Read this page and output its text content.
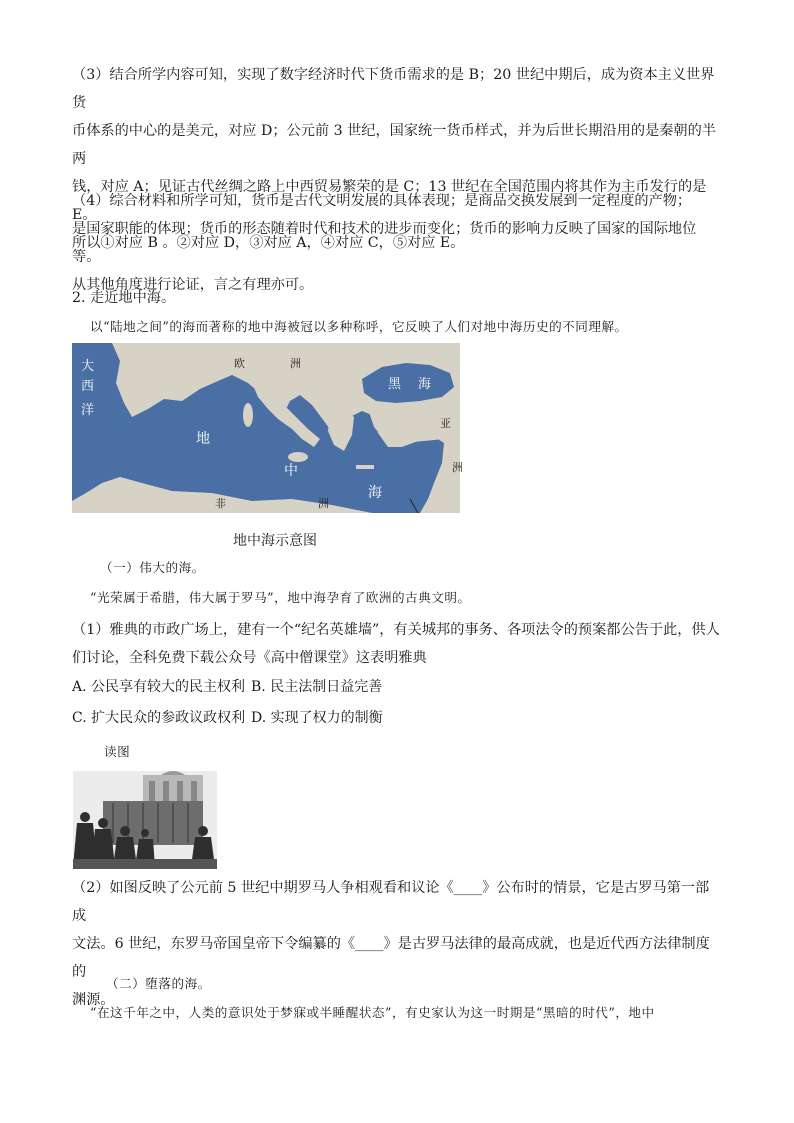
（3）结合所学内容可知，实现了数字经济时代下货币需求的是 B；20 世纪中期后，成为资本主义世界货
币体系的中心的是美元，对应 D；公元前 3 世纪，国家统一货币样式，并为后世长期沿用的是秦朝的半两
钱，对应 A；见证古代丝绸之路上中西贸易繁荣的是 C；13 世纪在全国范围内将其作为主币发行的是 E。
所以①对应 B 。②对应 D，③对应 A，④对应 C，⑤对应 E。
（4）综合材料和所学可知，货币是古代文明发展的具体表现；是商品交换发展到一定程度的产物；
是国家职能的体现；货币的形态随着时代和技术的进步而变化；货币的影响力反映了国家的国际地位等。
从其他角度进行论证，言之有理亦可。
2. 走近地中海。
以“陆地之间”的海而著称的地中海被冠以多种称呼，它反映了人们对地中海历史的不同理解。
大
西
洋
欧	洲
黑 海
亚
洲
地
中
海
非	洲
地中海示意图
（一）伟大的海。
“光荣属于希腊，伟大属于罗马”，地中海孕育了欧洲的古典文明。
（1）雅典的市政广场上，建有一个“纪名英雄墙”，有关城邦的事务、各项法令的预案都公告于此，供人
们讨论，全科免费下载公众号《高中僧课堂》这表明雅典
A. 公民享有较大的民主权利 B. 民主法制日益完善
C. 扩大民众的参政议政权利 D. 实现了权力的制衡
读图
（2）如图反映了公元前 5 世纪中期罗马人争相观看和议论《____》公布时的情景，它是古罗马第一部成
文法。6 世纪，东罗马帝国皇帝下令编纂的《____》是古罗马法律的最高成就，也是近代西方法律制度的
渊源。
（二）堕落的海。
“在这千年之中，人类的意识处于梦寐或半睡醒状态”，有史家认为这一时期是“黑暗的时代”，地中
